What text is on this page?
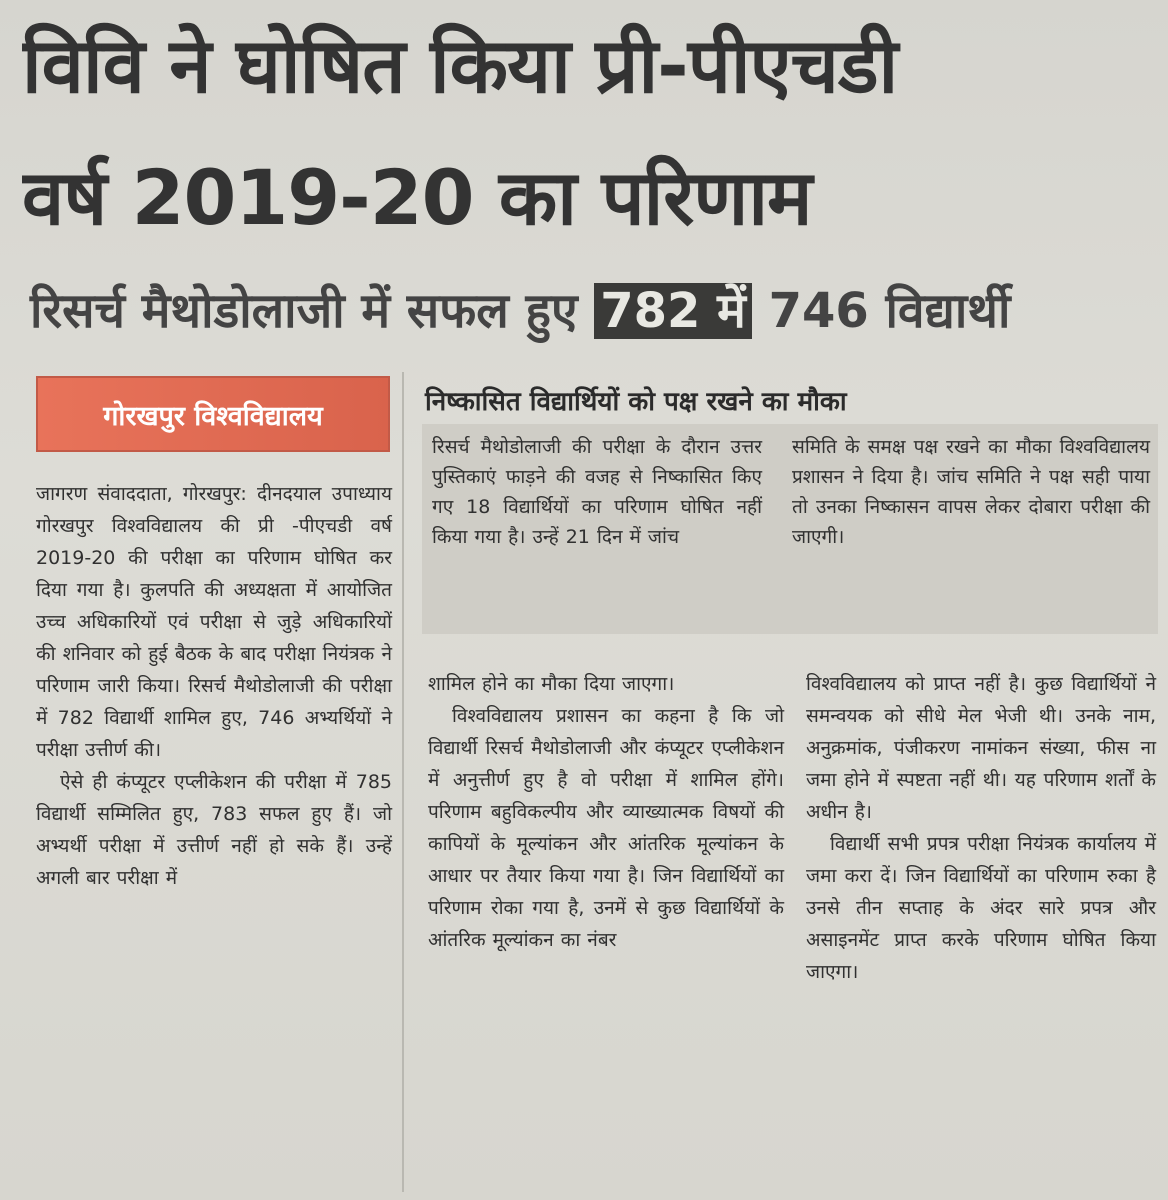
विवि ने घोषित किया प्री-पीएचडी
वर्ष 2019-20 का परिणाम
रिसर्च मैथोडोलाजी में सफल हुए 782 में 746 विद्यार्थी
गोरखपुर विश्वविद्यालय	निष्कासित विद्यार्थियों को पक्ष रखने का मौका

रिसर्च मैथोडोलाजी की परीक्षा के दौरान उत्तर पुस्तिकाएं फाड़ने की वजह से निष्कासित किए गए 18 विद्यार्थियों का परिणाम घोषित नहीं किया गया है। उन्हें 21 दिन में जांच

समिति के समक्ष पक्ष रखने का मौका विश्वविद्यालय प्रशासन ने दिया है। जांच समिति ने पक्ष सही पाया तो उनका निष्कासन वापस लेकर दोबारा परीक्षा की जाएगी।

जागरण संवाददाता, गोरखपुर: दीनदयाल उपाध्याय गोरखपुर विश्वविद्यालय की प्री -पीएचडी वर्ष 2019-20 की परीक्षा का परिणाम घोषित कर दिया गया है। कुलपति की अध्यक्षता में आयोजित उच्च अधिकारियों एवं परीक्षा से जुड़े अधिकारियों की शनिवार को हुई बैठक के बाद परीक्षा नियंत्रक ने परिणाम जारी किया। रिसर्च मैथोडोलाजी की परीक्षा में 782 विद्यार्थी शामिल हुए, 746 अभ्यर्थियों ने परीक्षा उत्तीर्ण की।

ऐसे ही कंप्यूटर एप्लीकेशन की परीक्षा में 785 विद्यार्थी सम्मिलित हुए, 783 सफल हुए हैं। जो अभ्यर्थी परीक्षा में उत्तीर्ण नहीं हो सके हैं। उन्हें अगली बार परीक्षा में

शामिल होने का मौका दिया जाएगा।

विश्वविद्यालय प्रशासन का कहना है कि जो विद्यार्थी रिसर्च मैथोडोलाजी और कंप्यूटर एप्लीकेशन में अनुत्तीर्ण हुए है वो परीक्षा में शामिल होंगे। परिणाम बहुविकल्पीय और व्याख्यात्मक विषयों की कापियों के मूल्यांकन और आंतरिक मूल्यांकन के आधार पर तैयार किया गया है। जिन विद्यार्थियों का परिणाम रोका गया है, उनमें से कुछ विद्यार्थियों के आंतरिक मूल्यांकन का नंबर

विश्वविद्यालय को प्राप्त नहीं है। कुछ विद्यार्थियों ने समन्वयक को सीधे मेल भेजी थी। उनके नाम, अनुक्रमांक, पंजीकरण नामांकन संख्या, फीस ना जमा होने में स्पष्टता नहीं थी। यह परिणाम शर्तों के अधीन है।

विद्यार्थी सभी प्रपत्र परीक्षा नियंत्रक कार्यालय में जमा करा दें। जिन विद्यार्थियों का परिणाम रुका है उनसे तीन सप्ताह के अंदर सारे प्रपत्र और असाइनमेंट प्राप्त करके परिणाम घोषित किया जाएगा।
